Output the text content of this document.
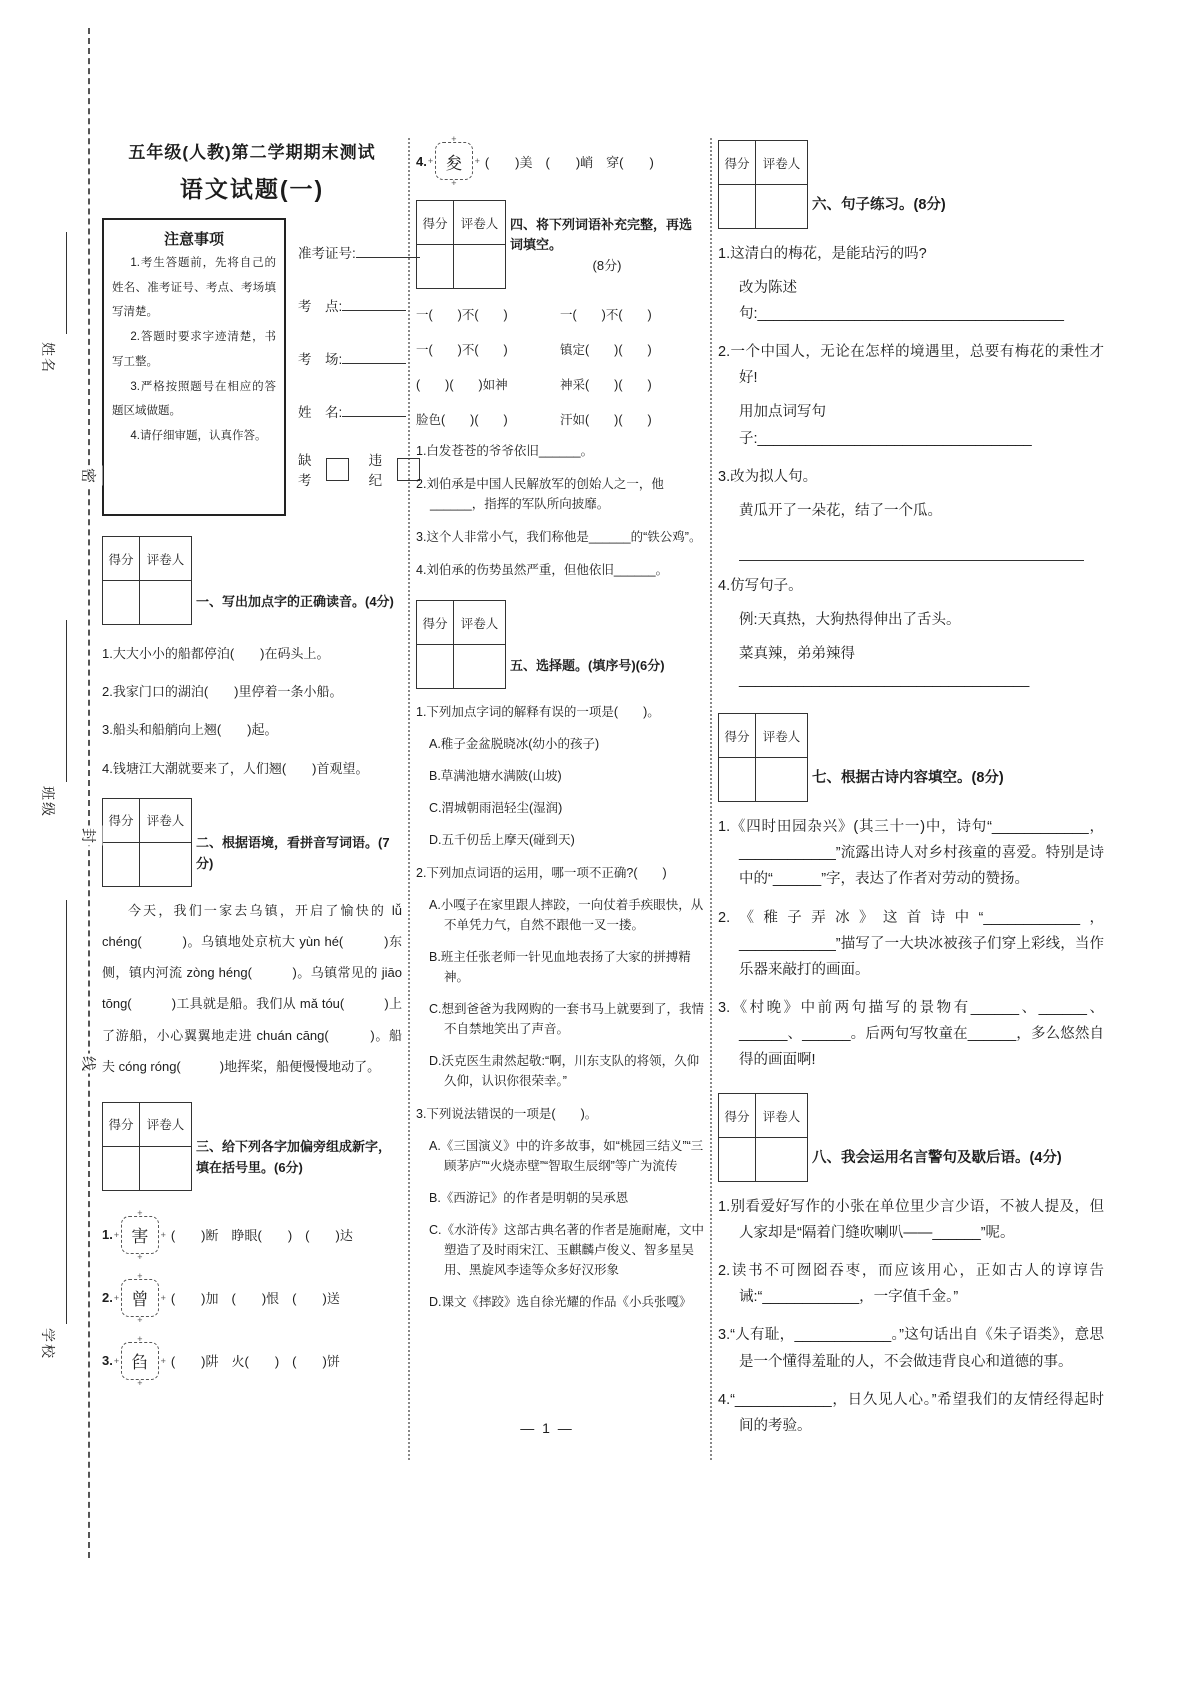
密
封
线
姓名
班级
学校
五年级(人教)第二学期期末测试
语文试题(一)
注意事项
1.考生答题前，先将自己的姓名、准考证号、考点、考场填写清楚。
2.答题时要求字迹清楚，书写工整。
3.严格按照题号在相应的答题区域做题。
4.请仔细审题，认真作答。
准考证号:
考　点:
考　场:
姓　名:
缺考
违纪
得分	评卷人

一、写出加点字的正确读音。(4分)
1.大大小小的船都停泊(　　)在码头上。
2.我家门口的湖泊(　　)里停着一条小船。
3.船头和船艄向上翘(　　)起。
4.钱塘江大潮就要来了，人们翘(　　)首观望。
得分	评卷人

二、根据语境，看拼音写词语。(7分)
今天，我们一家去乌镇，开启了愉快的 lǚ chéng(　　　)。乌镇地处京杭大 yùn hé(　　　)东侧，镇内河流 zòng héng(　　　)。乌镇常见的 jiāo tōng(　　　)工具就是船。我们从 mǎ tóu(　　　)上了游船，小心翼翼地走进 chuán cāng(　　　)。船夫 cóng róng(　　　)地挥桨，船便慢慢地动了。
得分	评卷人

三、给下列各字加偏旁组成新字，填在括号里。(6分)
1. + 害
+ (　　)断　睁眼(　　)　(　　)达
2. + 曾
+ (　　)加　(　　)恨　(　　)送
3. + 臽
+ (　　)阱　火(　　)　(　　)饼
4. + 夋
+ (　　)美　(　　)峭　穿(　　)
得分	评卷人
	四、将下列词语补充完整，再选词填空。
(8分)
一(　　)不(　　)	一(　　)不(　　)
一(　　)不(　　)	镇定(　　)(　　)
(　　)(　　)如神	神采(　　)(　　)
脸色(　　)(　　)	汗如(　　)(　　)
1.白发苍苍的爷爷依旧______。
2.刘伯承是中国人民解放军的创始人之一，他______，指挥的军队所向披靡。
3.这个人非常小气，我们称他是______的“铁公鸡”。
4.刘伯承的伤势虽然严重，但他依旧______。
得分	评卷人

五、选择题。(填序号)(6分)
1.下列加点字词的解释有误的一项是(　　)。
A.稚子金盆脱晓冰(幼小的孩子)
B.草满池塘水满陂(山坡)
C.渭城朝雨浥轻尘(湿润)
D.五千仞岳上摩天(碰到天)
2.下列加点词语的运用，哪一项不正确?(　　)
A.小嘎子在家里跟人摔跤，一向仗着手疾眼快，从不单凭力气，自然不跟他一叉一搂。
B.班主任张老师一针见血地表扬了大家的拼搏精神。
C.想到爸爸为我网购的一套书马上就要到了，我情不自禁地笑出了声音。
D.沃克医生肃然起敬:“啊，川东支队的将领，久仰久仰，认识你很荣幸。”
3.下列说法错误的一项是(　　)。
A.《三国演义》中的许多故事，如“桃园三结义”“三顾茅庐”“火烧赤壁”“智取生辰纲”等广为流传
B.《西游记》的作者是明朝的吴承恩
C.《水浒传》这部古典名著的作者是施耐庵，文中塑造了及时雨宋江、玉麒麟卢俊义、智多星吴用、黑旋风李逵等众多好汉形象
D.课文《摔跤》选自徐光耀的作品《小兵张嘎》
得分	评卷人

六、句子练习。(8分)
1.这清白的梅花，是能玷污的吗?
改为陈述句:______________________________________
2.一个中国人，无论在怎样的境遇里，总要有梅花的秉性才好!
用加点词写句子:__________________________________
3.改为拟人句。
黄瓜开了一朵花，结了一个瓜。
4.仿写句子。
例:天真热，大狗热得伸出了舌头。
菜真辣，弟弟辣得____________________________________
得分	评卷人

七、根据古诗内容填空。(8分)
1.《四时田园杂兴》(其三十一)中，诗句“____________，____________”流露出诗人对乡村孩童的喜爱。特别是诗中的“______”字，表达了作者对劳动的赞扬。
2.《稚子弄冰》这首诗中“____________，____________”描写了一大块冰被孩子们穿上彩线，当作乐器来敲打的画面。
3.《村晚》中前两句描写的景物有______、______、______、______。后两句写牧童在______，多么悠然自得的画面啊!
得分	评卷人

八、我会运用名言警句及歇后语。(4分)
1.别看爱好写作的小张在单位里少言少语，不被人提及，但人家却是“隔着门缝吹喇叭——______”呢。
2.读书不可囫囵吞枣，而应该用心，正如古人的谆谆告诫:“____________，一字值千金。”
3.“人有耻，____________。”这句话出自《朱子语类》，意思是一个懂得羞耻的人，不会做违背良心和道德的事。
4.“____________，日久见人心。”希望我们的友情经得起时间的考验。
— 1 —
